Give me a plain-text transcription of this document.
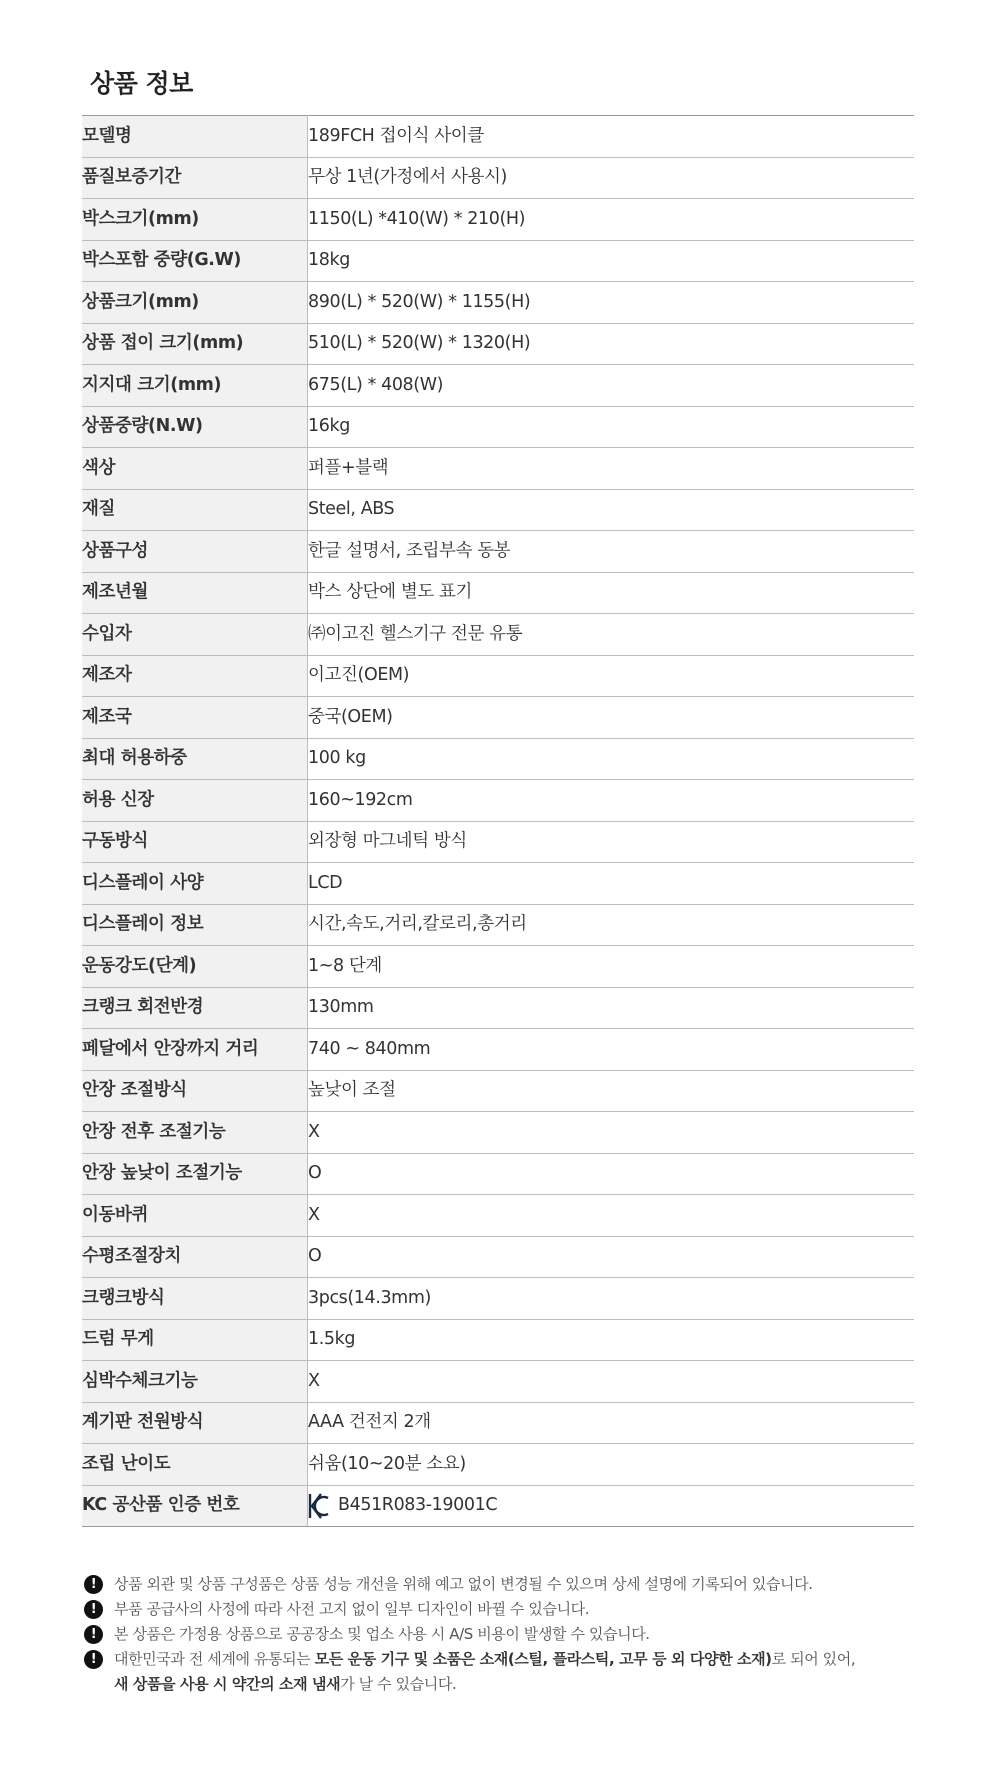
상품 정보
모델명	189FCH 접이식 사이클
품질보증기간	무상 1년(가정에서 사용시)
박스크기(mm)	1150(L) *410(W) * 210(H)
박스포함 중량(G.W)	18kg
상품크기(mm)	890(L) * 520(W) * 1155(H)
상품 접이 크기(mm)	510(L) * 520(W) * 1320(H)
지지대 크기(mm)	675(L) * 408(W)
상품중량(N.W)	16kg
색상	퍼플+블랙
재질	Steel, ABS
상품구성	한글 설명서, 조립부속 동봉
제조년월	박스 상단에 별도 표기
수입자	㈜이고진 헬스기구 전문 유통
제조자	이고진(OEM)
제조국	중국(OEM)
최대 허용하중	100 kg
허용 신장	160~192cm
구동방식	외장형 마그네틱 방식
디스플레이 사양	LCD
디스플레이 정보	시간,속도,거리,칼로리,총거리
운동강도(단계)	1~8 단계
크랭크 회전반경	130mm
페달에서 안장까지 거리	740 ~ 840mm
안장 조절방식	높낮이 조절
안장 전후 조절기능	X
안장 높낮이 조절기능	O
이동바퀴	X
수평조절장치	O
크랭크방식	3pcs(14.3mm)
드럼 무게	1.5kg
심박수체크기능	X
계기판 전원방식	AAA 건전지 2개
조립 난이도	쉬움(10~20분 소요)
KC 공산품 인증 번호	B451R083-19001C
!	상품 외관 및 상품 구성품은 상품 성능 개선을 위해 예고 없이 변경될 수 있으며 상세 설명에 기록되어 있습니다.
!	부품 공급사의 사정에 따라 사전 고지 없이 일부 디자인이 바뀔 수 있습니다.
!	본 상품은 가정용 상품으로 공공장소 및 업소 사용 시 A/S 비용이 발생할 수 있습니다.
!	대한민국과 전 세계에 유통되는 모든 운동 기구 및 소품은 소재(스틸, 플라스틱, 고무 등 외 다양한 소재)로 되어 있어,
새 상품을 사용 시 약간의 소재 냄새가 날 수 있습니다.
